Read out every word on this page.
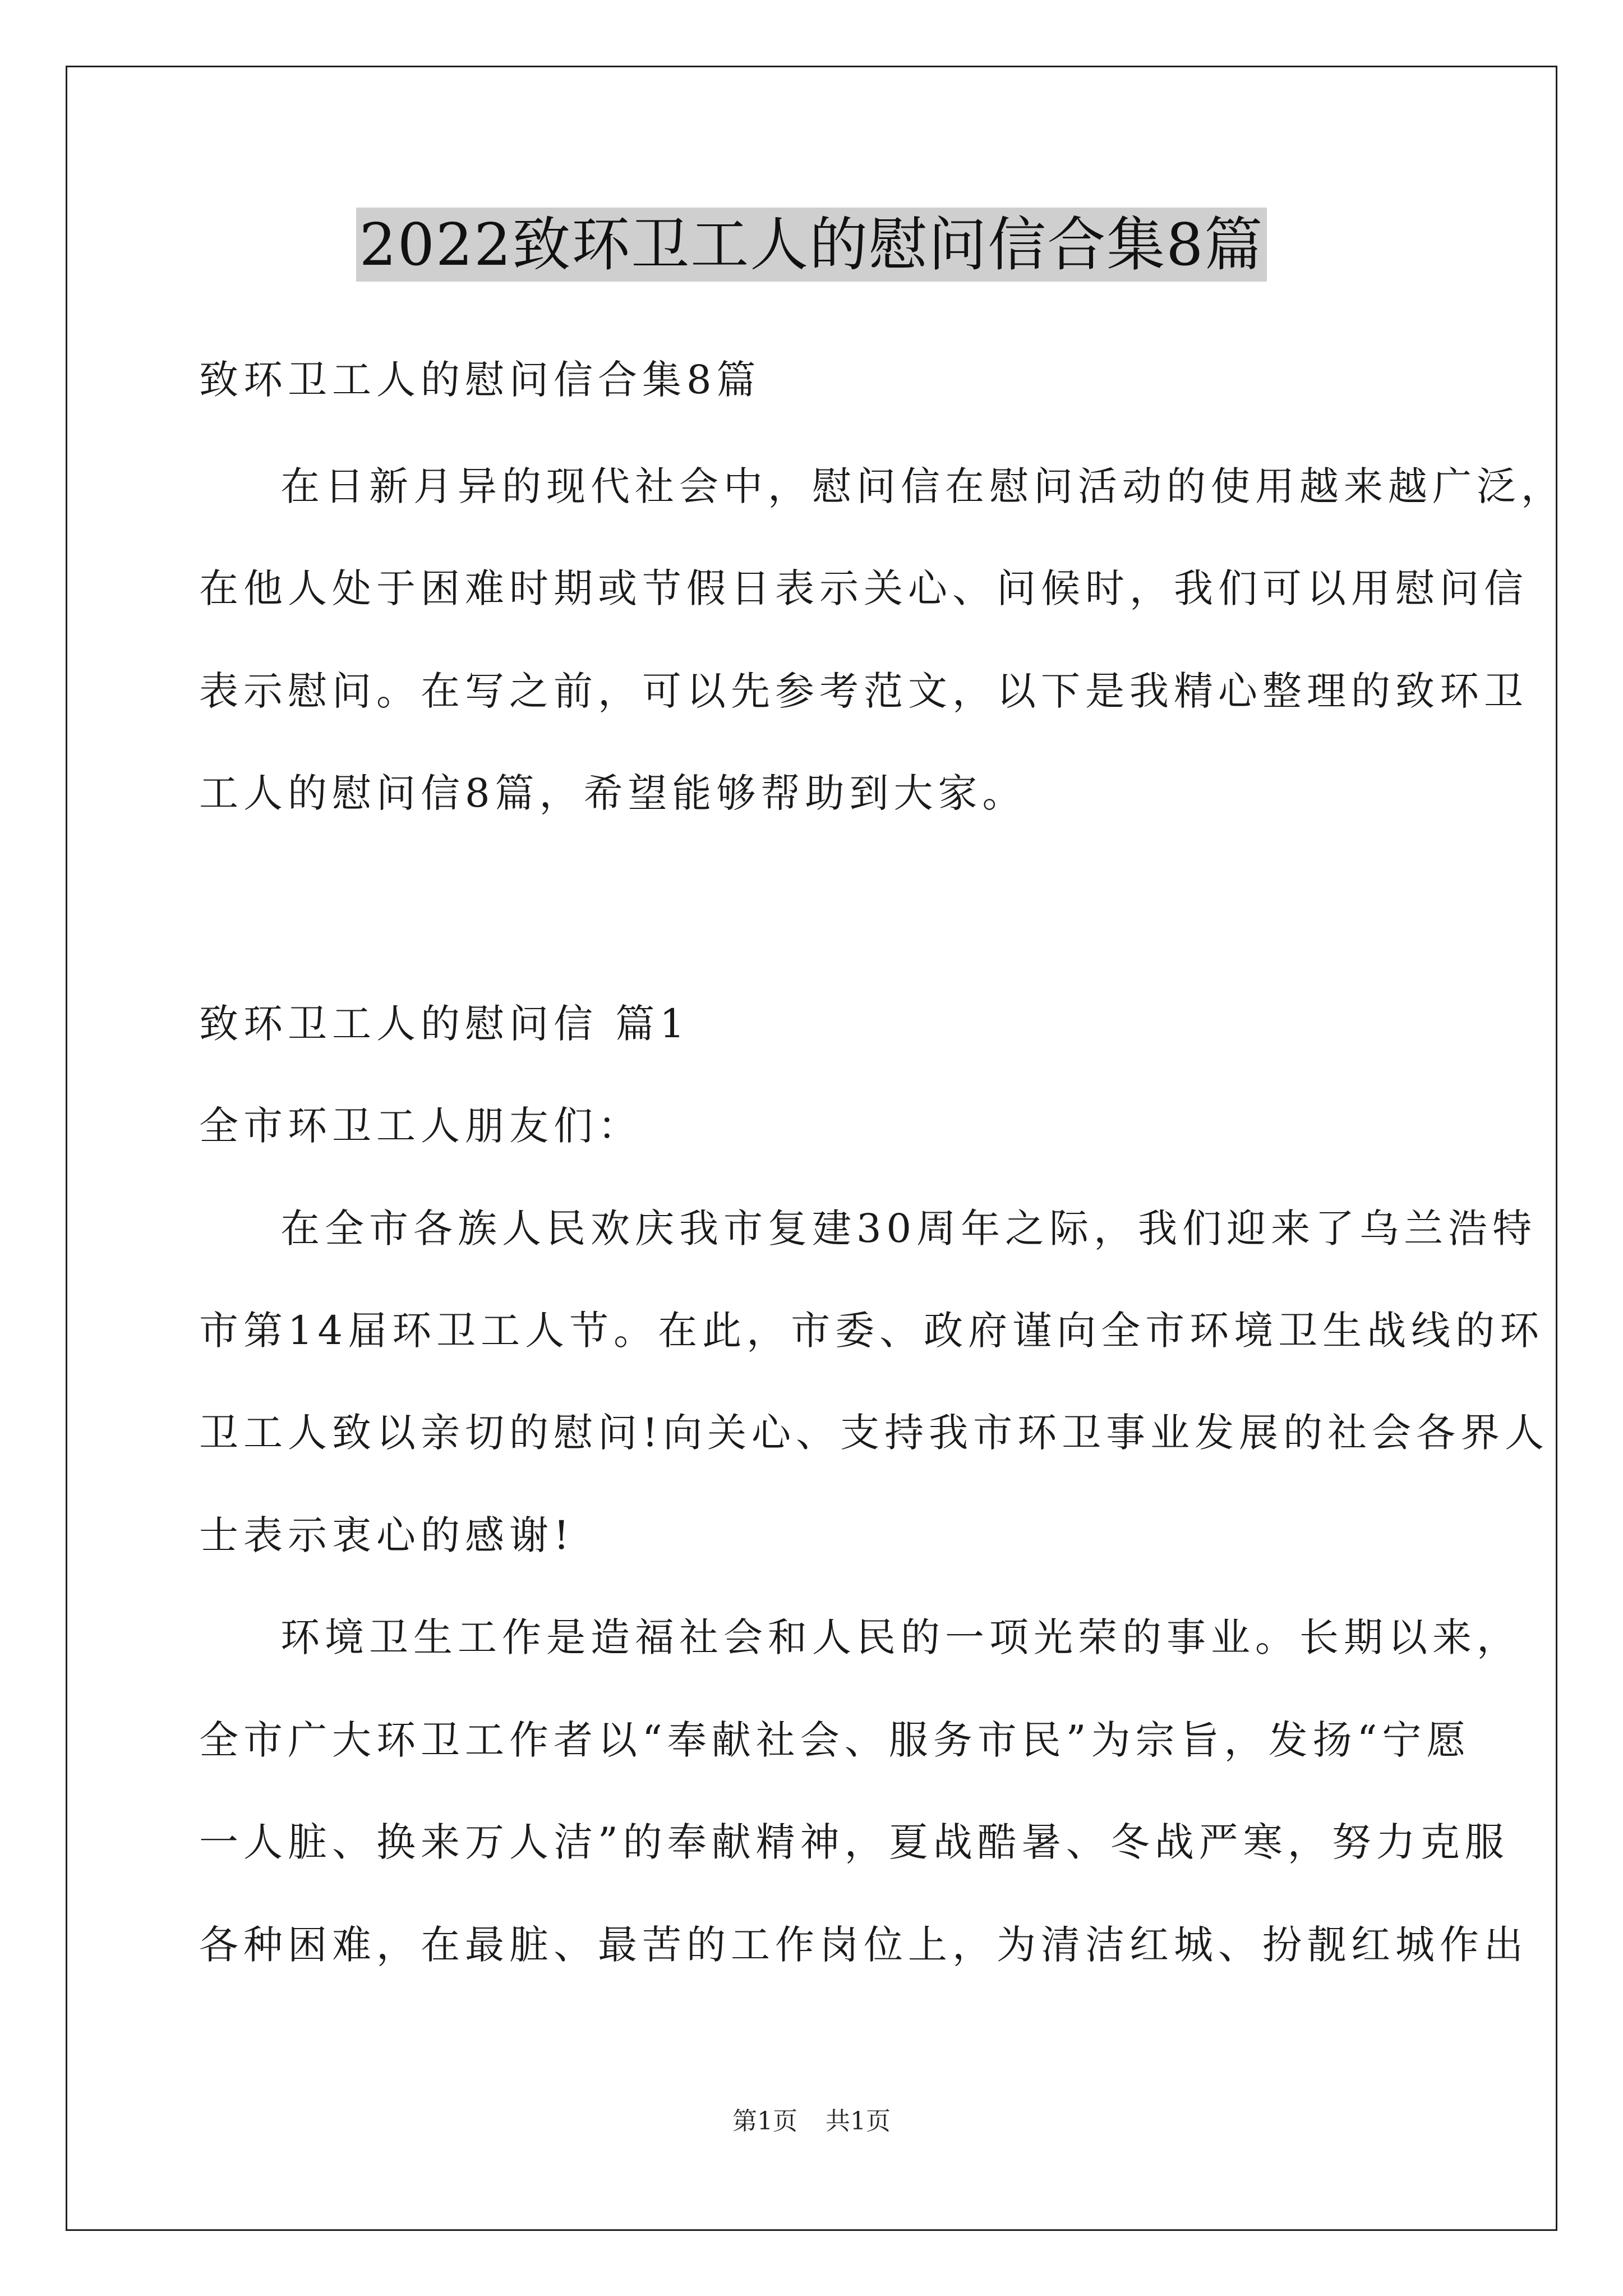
2022致环卫工人的慰问信合集8篇
致环卫工人的慰问信合集8篇
在日新月异的现代社会中，慰问信在慰问活动的使用越来越广泛，
在他人处于困难时期或节假日表示关心、问候时，我们可以用慰问信
表示慰问。在写之前，可以先参考范文，以下是我精心整理的致环卫
工人的慰问信8篇，希望能够帮助到大家。
致环卫工人的慰问信 篇1
全市环卫工人朋友们：
在全市各族人民欢庆我市复建30周年之际，我们迎来了乌兰浩特
市第14届环卫工人节。在此，市委、政府谨向全市环境卫生战线的环
卫工人致以亲切的慰问!向关心、支持我市环卫事业发展的社会各界人
士表示衷心的感谢!
环境卫生工作是造福社会和人民的一项光荣的事业。长期以来，
全市广大环卫工作者以“奉献社会、服务市民”为宗旨，发扬“宁愿
一人脏、换来万人洁”的奉献精神，夏战酷暑、冬战严寒，努力克服
各种困难，在最脏、最苦的工作岗位上，为清洁红城、扮靓红城作出
第1页 共1页
